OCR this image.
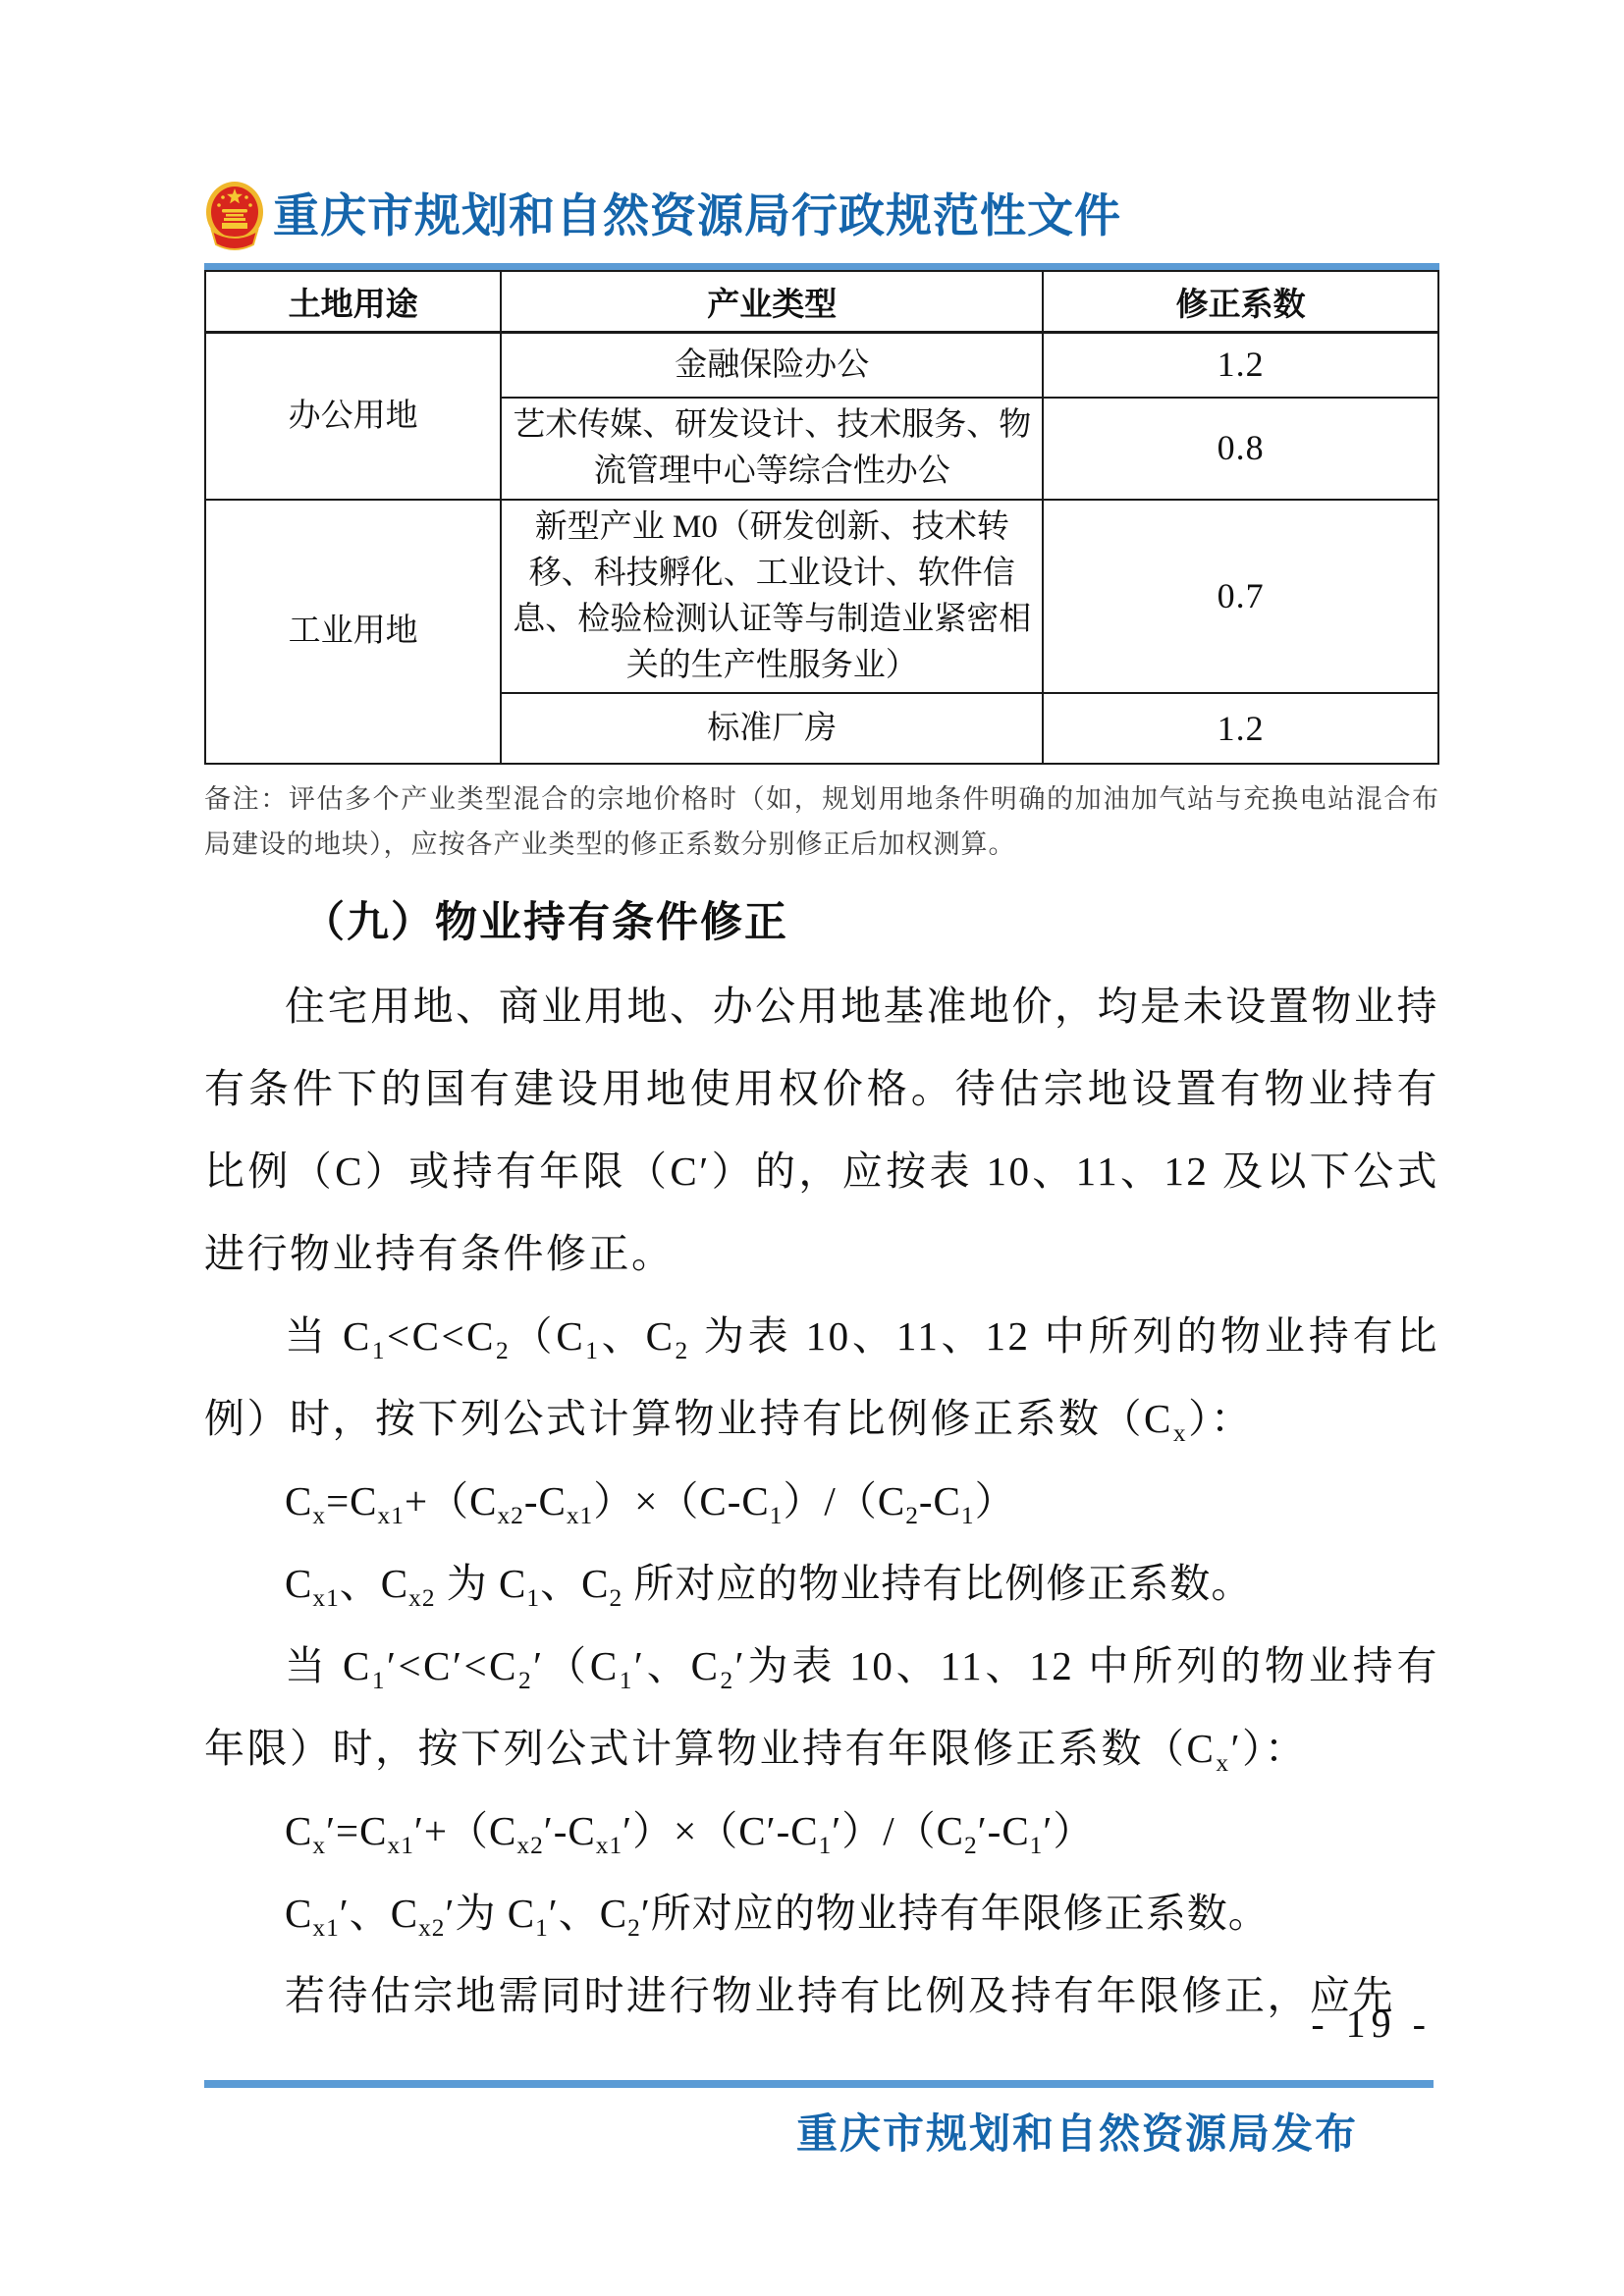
重庆市规划和自然资源局行政规范性文件
土地用途	产业类型	修正系数
办公用地	金融保险办公	1.2
	艺术传媒、研发设计、技术服务、物流管理中心等综合性办公	0.8
工业用地	新型产业 M0（研发创新、技术转移、科技孵化、工业设计、软件信息、检验检测认证等与制造业紧密相关的生产性服务业）	0.7
	标准厂房	1.2

备注：评估多个产业类型混合的宗地价格时（如，规划用地条件明确的加油加气站与充换电站混合布局建设的地块），应按各产业类型的修正系数分别修正后加权测算。

（九）物业持有条件修正

住宅用地、商业用地、办公用地基准地价，均是未设置物业持有条件下的国有建设用地使用权价格。待估宗地设置有物业持有比例（C）或持有年限（C′）的，应按表 10、11、12 及以下公式进行物业持有条件修正。

当 $C_1<C<C_2(C_1$、$C_2$ 为表 10、11、12 中所列的物业持有比例）时，按下列公式计算物业持有比例修正系数$(C_x)$：

$C_x=C_{x1}+(C_{x2}-C_{x1})\times(C-C_1)/(C_2-C_1)$

$C_{x1}$、$C_{x2}$ 为 $C_1$、$C_2$ 所对应的物业持有比例修正系数。

当 $C_1'<C'<C_2'(C_1'$、$C_2'$为表 10、11、12 中所列的物业持有年限）时，按下列公式计算物业持有年限修正系数$(C_x')$：

$C_x'=C_{x1}'+(C_{x2}'-C_{x1}')\times(C'-C_1')/(C_2'-C_1')$

$C_{x1}'$、$C_{x2}'$为 $C_1'$、$C_2'$所对应的物业持有年限修正系数。

若待估宗地需同时进行物业持有比例及持有年限修正，应先

- 19 -
重庆市规划和自然资源局发布
